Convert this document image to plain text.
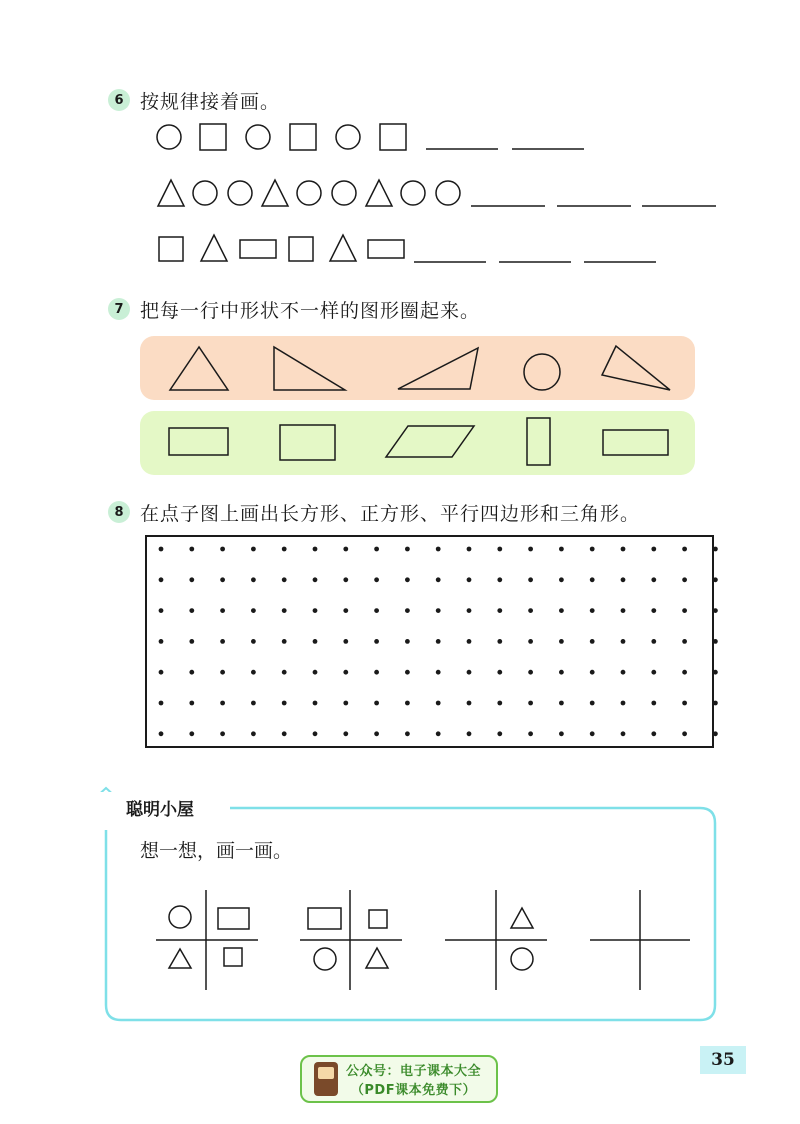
6 按规律接着画。
7 把每一行中形状不一样的图形圈起来。
8 在点子图上画出长方形、正方形、平行四边形和三角形。
聪明小屋
想一想，画一画。
35
公众号：电子课本大全
（PDF课本免费下）
